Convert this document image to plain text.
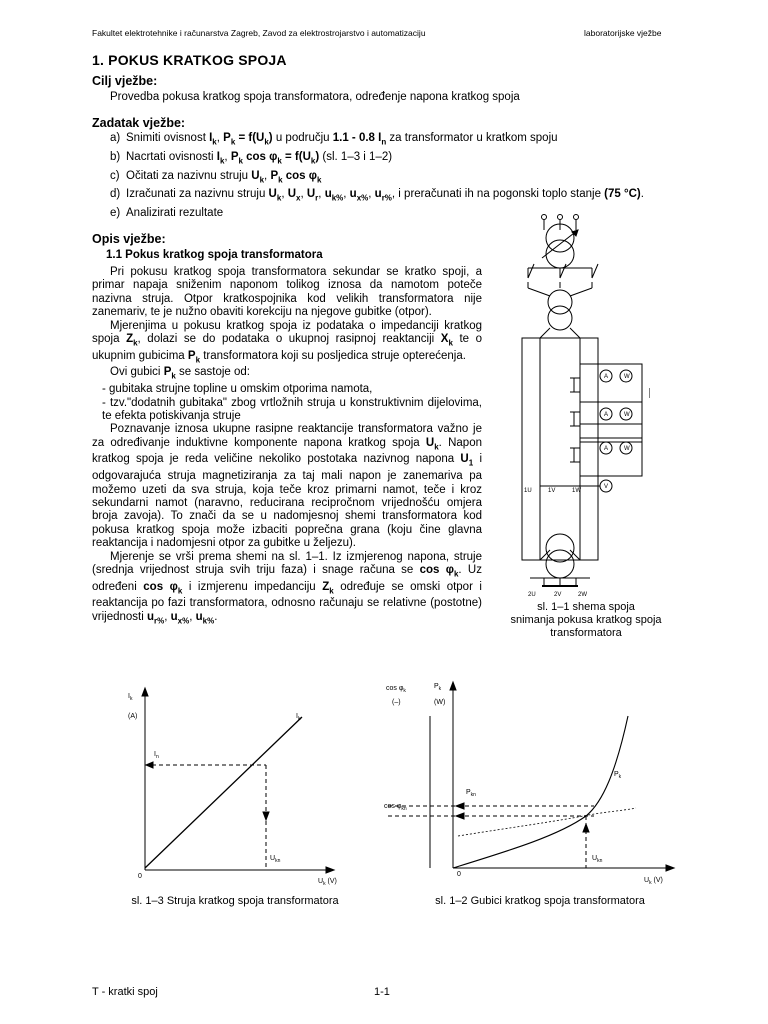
Fakultet elektrotehnike i računarstva Zagreb, Zavod za elektrostrojarstvo i automatizaciju	laboratorijske vježbe
1. POKUS KRATKOG SPOJA
Cilj vježbe:
Provedba pokusa kratkog spoja transformatora, određenje napona kratkog spoja
Zadatak vježbe:
a) Snimiti ovisnost $I_k$, $P_k = f(U_k)$ u području 1.1 - 0.8 $I_n$ za transformator u kratkom spoju
b) Nacrtati ovisnosti $I_k$, $P_k$ $\cos \varphi_k = f(U_k)$ (sl. 1–3 i 1–2)
c) Očitati za nazivnu struju $U_k$, $P_k$ $\cos \varphi_k$
d) Izračunati za nazivnu struju $U_k$, $U_x$, $U_r$, $u_{k\%}$, $u_{x\%}$, $u_{r\%}$, i preračunati ih na pogonski toplo stanje (75 °C).
e) Analizirati rezultate
Opis vježbe:
1.1 Pokus kratkog spoja transformatora

Pri pokusu kratkog spoja transformatora sekundar se kratko spoji, a primar napaja sniženim naponom tolikog iznosa da namotom poteče nazivna struja. Otpor kratkospojnika kod velikih transformatora nije zanemariv, te je nužno obaviti korekciju na njegove gubitke (otpor).

Mjerenjima u pokusu kratkog spoja iz podataka o impedanciji kratkog spoja $Z_k$, dolazi se do podataka o ukupnoj rasipnoj reaktanciji $X_k$ te o ukupnim gubicima $P_k$ transformatora koji su posljedica struje opterećenja.

Ovi gubici $P_k$ se sastoje od:

- gubitaka strujne topline u omskim otporima namota,

- tzv."dodatnih gubitaka" zbog vrtložnih struja u konstruktivnim dijelovima, te efekta potiskivanja struje

Poznavanje iznosa ukupne rasipne reaktancije transformatora važno je za određivanje induktivne komponente napona kratkog spoja $U_k$. Napon kratkog spoja je reda veličine nekoliko postotaka nazivnog napona $U_1$ i odgovarajuća struja magnetiziranja za taj mali napon je zanemariva pa možemo uzeti da sva struja, koja teče kroz primarni namot, teče i kroz sekundarni namot (naravno, reducirana recipročnom vrijednošću omjera broja zavoja). To znači da se u nadomjesnoj shemi transformatora kod pokusa kratkog spoja može izbaciti poprečna grana (koju čine glavna reaktancija i nadomjesni otpor za gubitke u željezu).

Mjerenje se vrši prema shemi na sl. 1–1. Iz izmjerenog napona, struje (srednja vrijednost struja svih triju faza) i snage računa se $\cos \varphi_k$. Uz određeni $\cos \varphi_k$ i izmjerenu impedanciju $Z_k$ određuje se omski otpor i reaktancija po fazi transformatora, odnosno računaju se relativne (postotne) vrijednosti $u_{r\%}$, $u_{x\%}$, $u_{k\%}$.

A	W
A	W
A	W
V
1U	1V	1W
2U	2V	2W
sl. 1–1 shema spoja
snimanja pokusa kratkog spoja
transformatora
$I_k$
(A)	$I_k$
$I_n$
$U_{kn}$
0
$U_k$ (V)
sl. 1–3 Struja kratkog spoja transformatora
$\cos \varphi_k$
(–)
$P_k$
(W)
$P_k$
$P_{kn}$
$\cos \varphi_{kn}$
$U_{kn}$
0
$U_k$ (V)
sl. 1–2 Gubici kratkog spoja transformatora
T - kratki spoj	1-1
